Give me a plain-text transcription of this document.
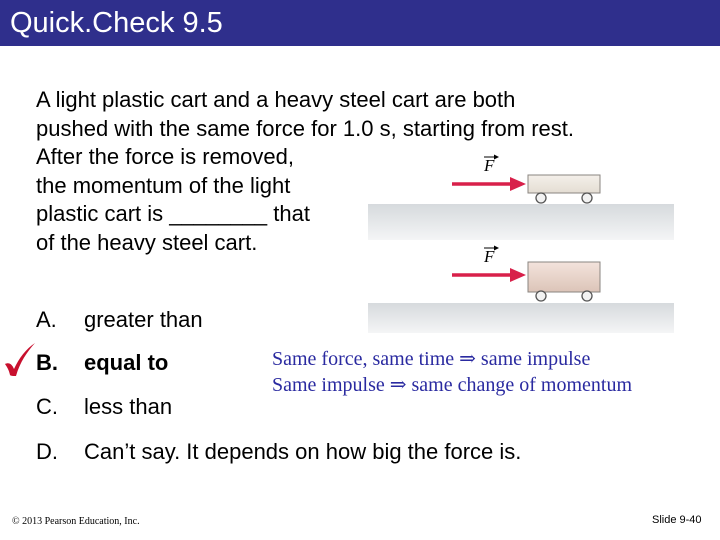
Quick.Check 9.5
A light plastic cart and a heavy steel cart are both
pushed with the same force for 1.0 s, starting from rest.
After the force is removed,
the momentum of the light
plastic cart is ________ that
of the heavy steel cart.
F
F
A. greater than
B. equal to
C. less than
D. Can’t say. It depends on how big the force is.
Same force, same time ⇒ same impulse
Same impulse ⇒ same change of momentum
© 2013 Pearson Education, Inc.	Slide 9-40
